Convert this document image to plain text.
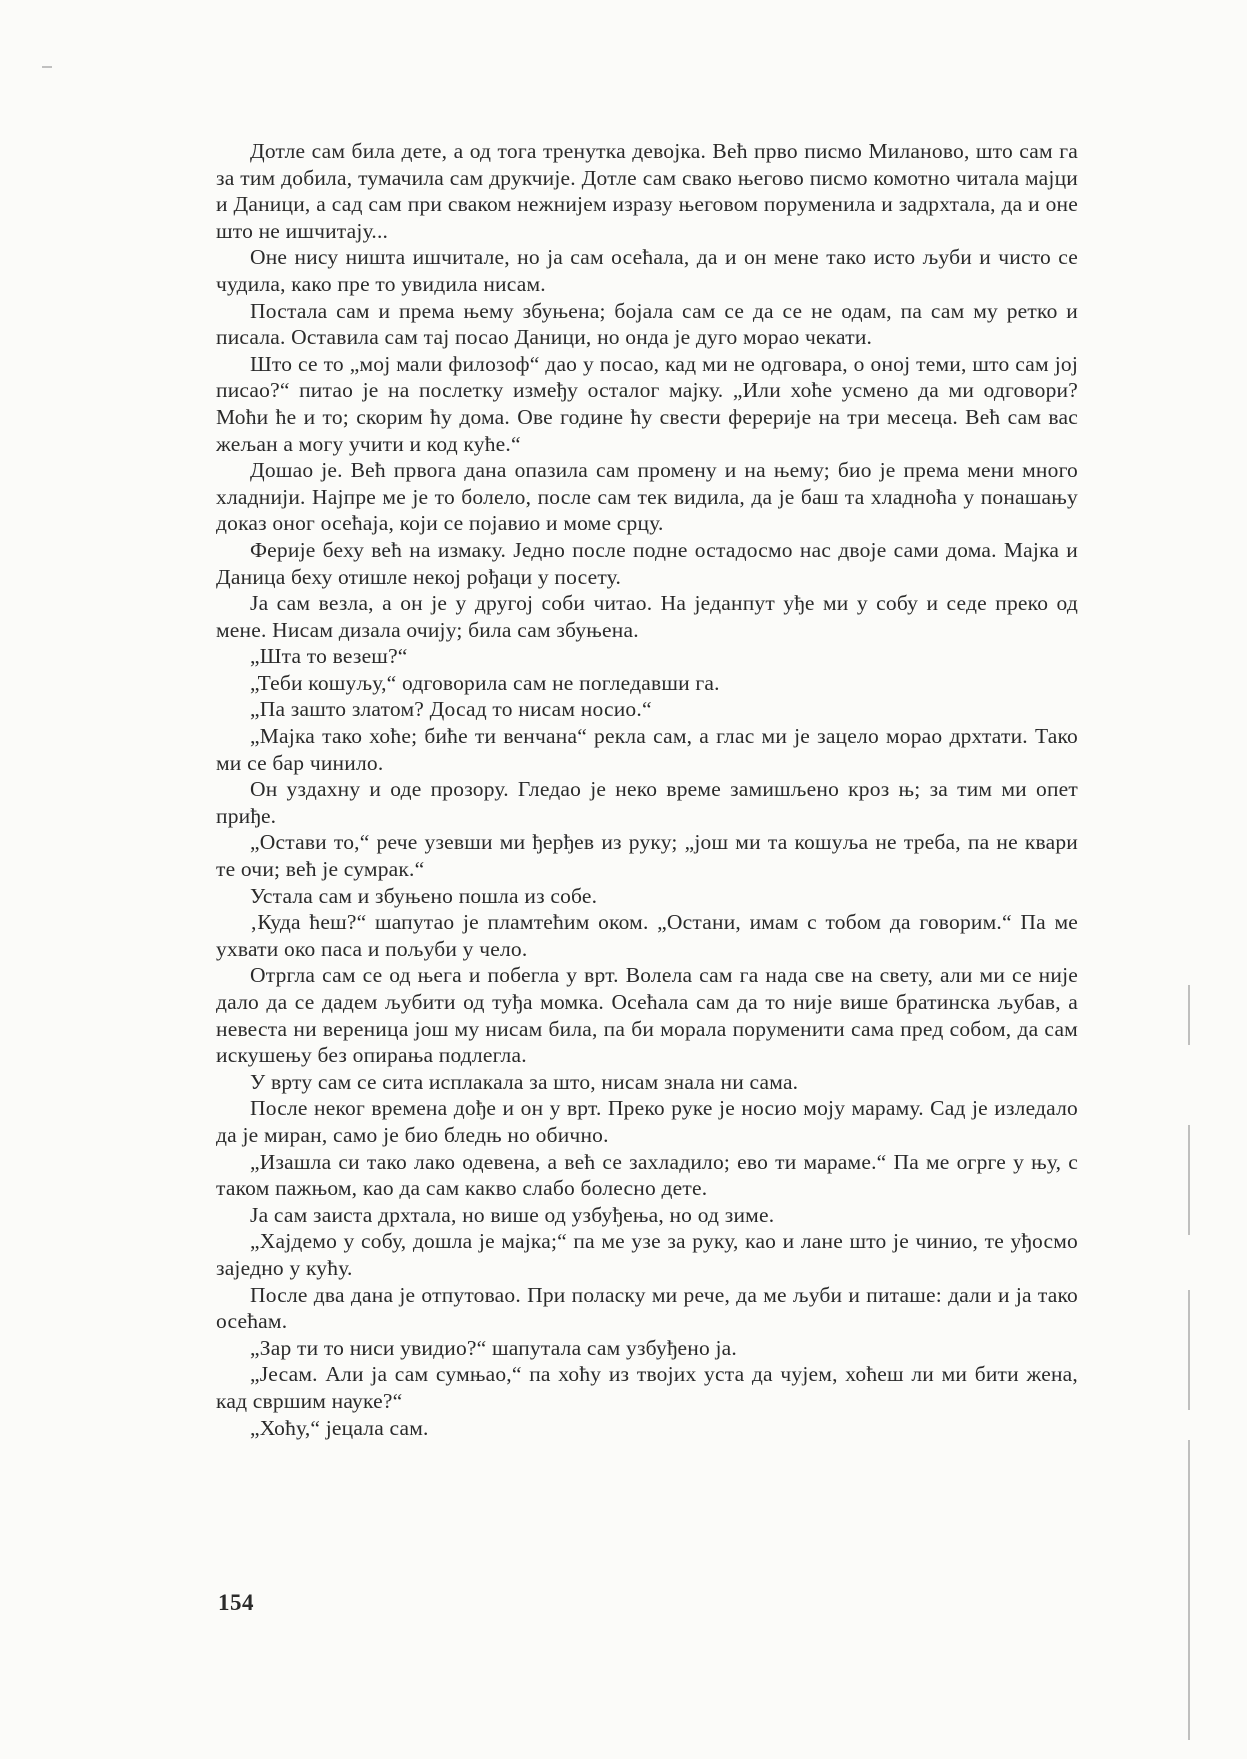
Дотле сам била дете, а од тога тренутка девојка. Већ прво писмо Миланово, што сам га за тим добила, тумачила сам друкчије. Дотле сам свако његово писмо комотно читала мајци и Даници, а сад сам при сваком нежнијем изразу његовом поруменила и задрхтала, да и оне што не ишчитају...

Оне нису ништа ишчитале, но ја сам осећала, да и он мене тако исто љуби и чисто се чудила, како пре то увидила нисам.

Постала сам и према њему збуњена; бојала сам се да се не одам, па сам му ретко и писала. Оставила сам тај посао Даници, но онда је дуго морао чекати.

Што се то „мој мали филозоф“ дао у посао, кад ми не одговара, о оној теми, што сам јој писао?“ питао је на послетку између осталог мајку. „Или хоће усмено да ми одговори? Моћи ће и то; скорим ћу дома. Ове године ћу свести ферерије на три месеца. Већ сам вас жељан а могу учити и код куће.“

Дошао је. Већ првога дана опазила сам промену и на њему; био је према мени много хладнији. Најпре ме је то болело, после сам тек видила, да је баш та хладноћа у понашању доказ оног осећаја, који се појавио и моме срцу.

Ферије беху већ на измаку. Једно после подне остадосмо нас двоје сами дома. Мајка и Даница беху отишле некој рођаци у посету.

Ја сам везла, а он је у другој соби читао. На једанпут уђе ми у собу и седе преко од мене. Нисам дизала очију; била сам збуњена.

„Шта то везеш?“

„Теби кошуљу,“ одговорила сам не погледавши га.

„Па зашто златом? Досад то нисам носио.“

„Мајка тако хоће; биће ти венчана“ рекла сам, а глас ми је зацело морао дрхтати. Тако ми се бар чинило.

Он уздахну и оде прозору. Гледао је неко време замишљено кроз њ; за тим ми опет приђе.

„Остави то,“ рече узевши ми ђерђев из руку; „још ми та кошуља не треба, па не квари те очи; већ је сумрак.“

Устала сам и збуњено пошла из собе.

‚Куда ћеш?“ шапутао је пламтећим оком. „Остани, имам с тобом да говорим.“ Па ме ухвати око паса и пољуби у чело.

Отргла сам се од њега и побегла у врт. Волела сам га нада све на свету, али ми се није дало да се дадем љубити од туђа момка. Осећала сам да то није више братинска љубав, а невеста ни вереница још му нисам била, па би морала поруменити сама пред собом, да сам искушењу без опирања подлегла.

У врту сам се сита исплакала за што, нисам знала ни сама.

После неког времена дође и он у врт. Преко руке је носио моју мараму. Сад је изледало да је миран, само је био бледњ но обично.

„Изашла си тако лако одевена, а већ се захладило; ево ти мараме.“ Па ме огрге у њу, с таком пажњом, као да сам какво слабо болесно дете.

Ја сам заиста дрхтала, но више од узбуђења, но од зиме.

„Хајдемо у собу, дошла је мајка;“ па ме узе за руку, као и лане што је чинио, те уђосмо заједно у кућу.

После два дана је отпутовао. При поласку ми рече, да ме љуби и питаше: дали и ја тако осећам.

„Зар ти то ниси увидио?“ шапутала сам узбуђено ја.

„Јесам. Али ја сам сумњао,“ па хоћу из твојих уста да чујем, хоћеш ли ми бити жена, кад свршим науке?“

„Хоћу,“ јецала сам.

154
